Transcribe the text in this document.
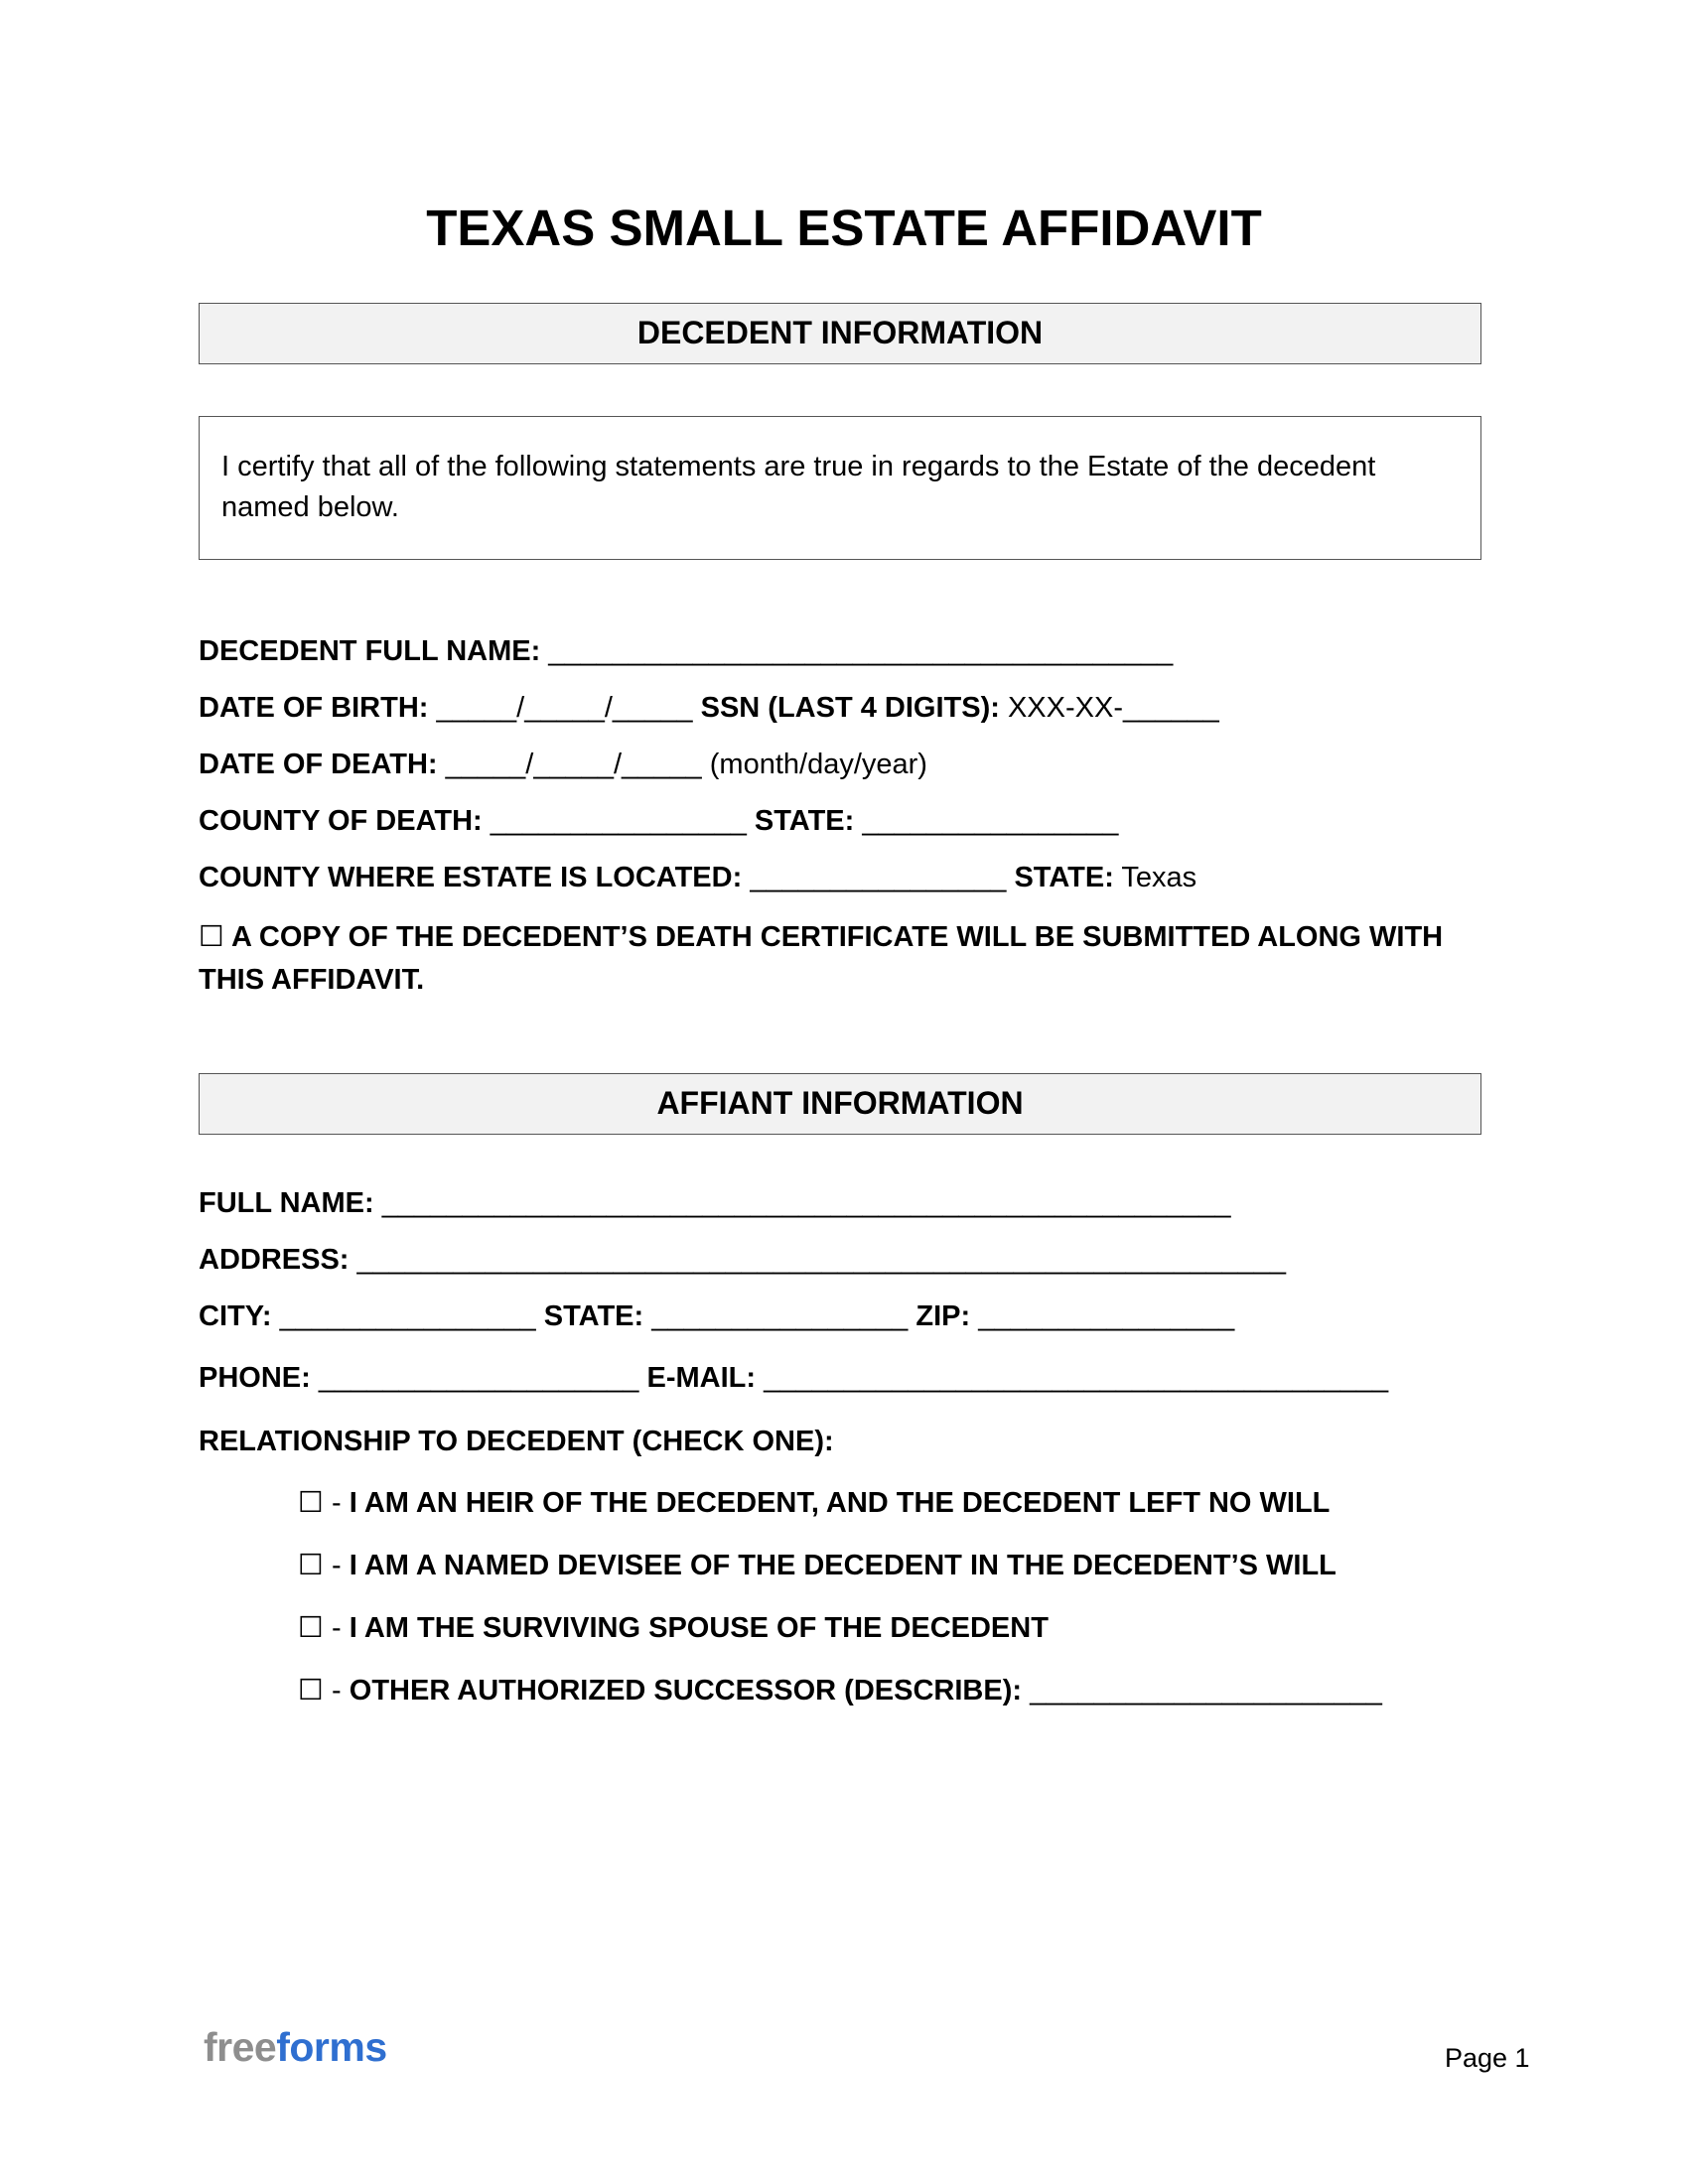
TEXAS SMALL ESTATE AFFIDAVIT
DECEDENT INFORMATION
I certify that all of the following statements are true in regards to the Estate of the decedent named below.
DECEDENT FULL NAME: _______________________________________
DATE OF BIRTH: _____/_____/_____ SSN (LAST 4 DIGITS): XXX-XX-______
DATE OF DEATH: _____/_____/_____ (month/day/year)
COUNTY OF DEATH: ________________ STATE: ________________
COUNTY WHERE ESTATE IS LOCATED: ________________ STATE: Texas
☐ A COPY OF THE DECEDENT’S DEATH CERTIFICATE WILL BE SUBMITTED ALONG WITH THIS AFFIDAVIT.
AFFIANT INFORMATION
FULL NAME: _____________________________________________________
ADDRESS: __________________________________________________________
CITY: ________________ STATE: ________________ ZIP: ________________
PHONE: ____________________ E-MAIL: _______________________________________
RELATIONSHIP TO DECEDENT (CHECK ONE):
☐ - I AM AN HEIR OF THE DECEDENT, AND THE DECEDENT LEFT NO WILL
☐ - I AM A NAMED DEVISEE OF THE DECEDENT IN THE DECEDENT’S WILL
☐ - I AM THE SURVIVING SPOUSE OF THE DECEDENT
☐ - OTHER AUTHORIZED SUCCESSOR (DESCRIBE): ______________________
freeforms	Page 1
